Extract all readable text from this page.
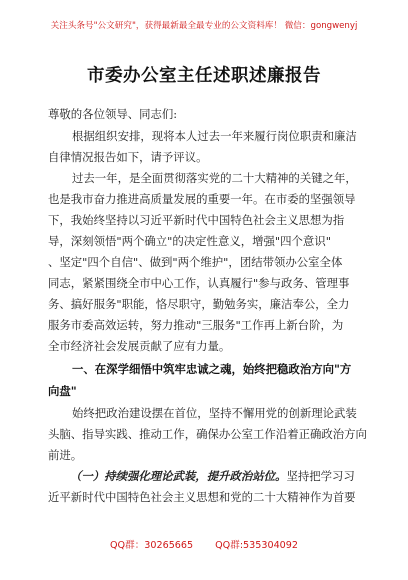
关注头条号"公文研究"，获得最新最全最专业的公文资料库！ 微信：gongwenyj
市委办公室主任述职述廉报告
尊敬的各位领导、同志们:
根据组织安排，现将本人过去一年来履行岗位职责和廉洁
自律情况报告如下，请予评议。
过去一年，是全面贯彻落实党的二十大精神的关键之年，
也是我市奋力推进高质量发展的重要一年。在市委的坚强领导
下，我始终坚持以习近平新时代中国特色社会主义思想为指
导，深刻领悟"两个确立"的决定性意义，增强"四个意识"
、坚定"四个自信"、做到"两个维护"，团结带领办公室全体
同志，紧紧围绕全市中心工作，认真履行"参与政务、管理事
务、搞好服务"职能，恪尽职守，勤勉务实，廉洁奉公，全力
服务市委高效运转，努力推动"三服务"工作再上新台阶，为
全市经济社会发展贡献了应有力量。
一、在深学细悟中筑牢忠诚之魂，始终把稳政治方向"方
向盘"
始终把政治建设摆在首位，坚持不懈用党的创新理论武装
头脑、指导实践、推动工作，确保办公室工作沿着正确政治方向
前进。
（一）持续强化理论武装，提升政治站位。坚持把学习习
近平新时代中国特色社会主义思想和党的二十大精神作为首要
QQ群：30265665 QQ群:535304092
